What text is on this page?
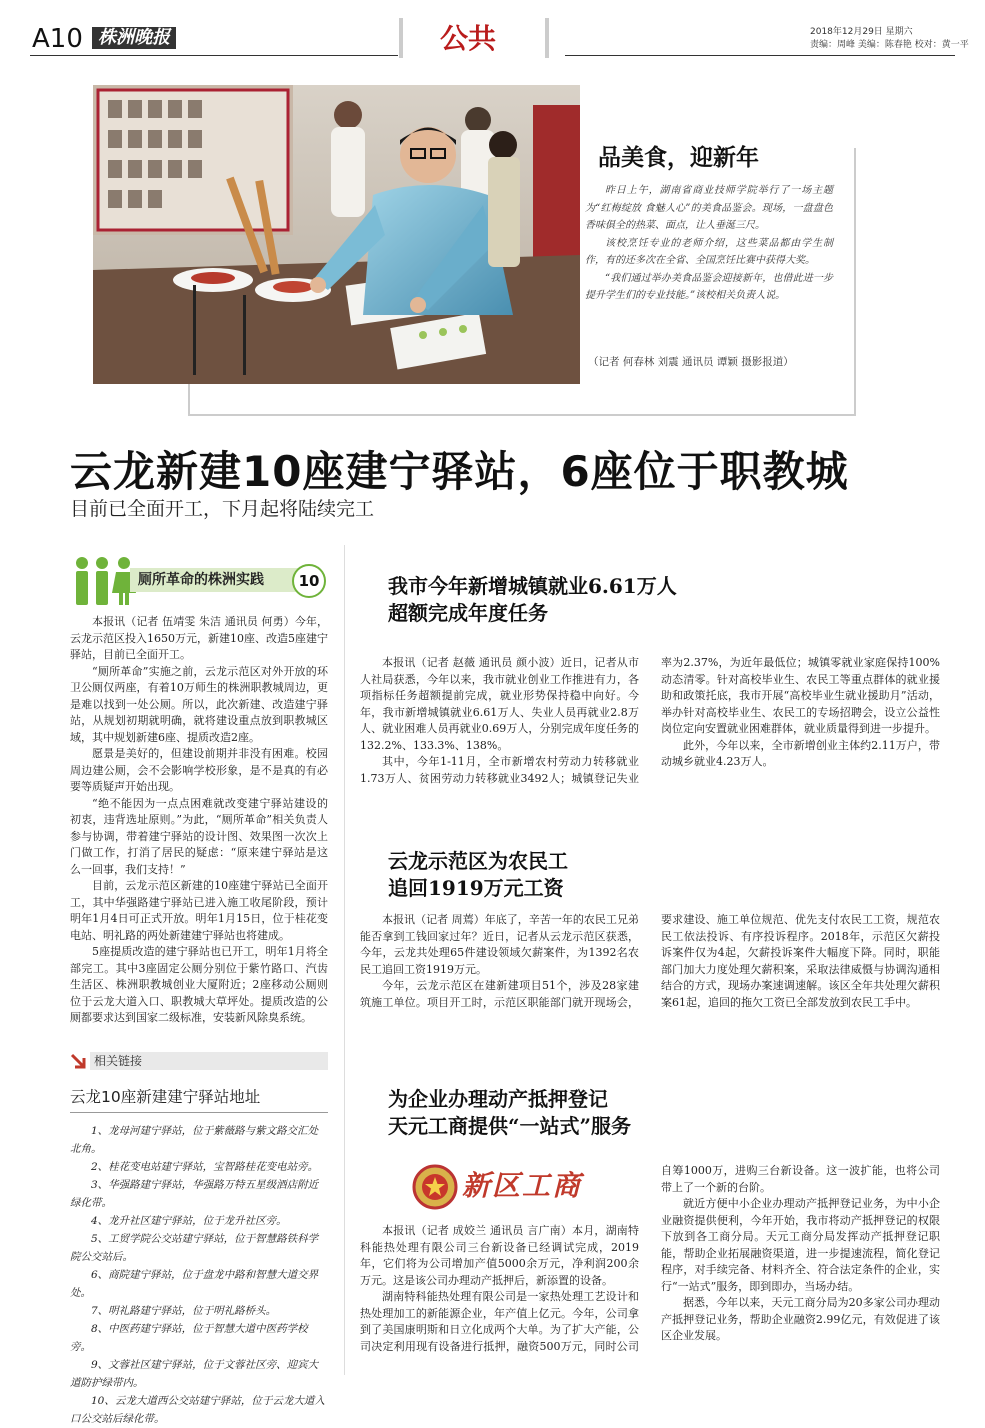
A10 株洲晚报	公共	2018年12月29日 星期六
责编：周峰 美编：陈春艳 校对：黄一平
品美食，迎新年

昨日上午，湖南省商业技师学院举行了一场主题为“红梅绽放 食魅人心”的美食品鉴会。现场，一盘盘色香味俱全的热菜、面点，让人垂涎三尺。

该校烹饪专业的老师介绍，这些菜品都由学生制作，有的还多次在全省、全国烹饪比赛中获得大奖。

“我们通过举办美食品鉴会迎接新年，也借此进一步提升学生们的专业技能。”该校相关负责人说。

（记者 何春林 刘震 通讯员 谭颖 摄影报道）
云龙新建10座建宁驿站，6座位于职教城
目前已全面开工，下月起将陆续完工
厕所革命的株洲实践	10

本报讯（记者 伍靖雯 朱洁 通讯员 何勇）今年，云龙示范区投入1650万元，新建10座、改造5座建宁驿站，目前已全面开工。

“厕所革命”实施之前，云龙示范区对外开放的环卫公厕仅两座，有着10万师生的株洲职教城周边，更是难以找到一处公厕。所以，此次新建、改造建宁驿站，从规划初期就明确，就将建设重点放到职教城区域，其中规划新建6座、提质改造2座。

愿景是美好的，但建设前期并非没有困难。校园周边建公厕，会不会影响学校形象，是不是真的有必要等质疑声开始出现。

“绝不能因为一点点困难就改变建宁驿站建设的初衷，违背选址原则。”为此，“厕所革命”相关负责人参与协调，带着建宁驿站的设计图、效果图一次次上门做工作，打消了居民的疑虑：“原来建宁驿站是这么一回事，我们支持！”

目前，云龙示范区新建的10座建宁驿站已全面开工，其中华强路建宁驿站已进入施工收尾阶段，预计明年1月4日可正式开放。明年1月15日，位于桂花变电站、明礼路的两处新建建宁驿站也将建成。

5座提质改造的建宁驿站也已开工，明年1月将全部完工。其中3座固定公厕分别位于紫竹路口、汽齿生活区、株洲职教城创业大厦附近；2座移动公厕则位于云龙大道入口、职教城大草坪处。提质改造的公厕都要求达到国家二级标准，安装新风除臭系统。

相关链接
云龙10座新建建宁驿站地址
1、龙母河建宁驿站，位于紫薇路与紫文路交汇处北角。
2、桂花变电站建宁驿站，宝智路桂花变电站旁。
3、华强路建宁驿站，华强路万特五星级酒店附近绿化带。
4、龙升社区建宁驿站，位于龙升社区旁。
5、工贸学院公交站建宁驿站，位于智慧路铁科学院公交站后。
6、商院建宁驿站，位于盘龙中路和智慧大道交界处。
7、明礼路建宁驿站，位于明礼路桥头。
8、中医药建宁驿站，位于智慧大道中医药学校旁。
9、文蓉社区建宁驿站，位于文蓉社区旁、迎宾大道防护绿带内。
10、云龙大道西公交站建宁驿站，位于云龙大道入口公交站后绿化带。
我市今年新增城镇就业6.61万人
超额完成年度任务

本报讯（记者 赵薇 通讯员 颜小波）近日，记者从市人社局获悉，今年以来，我市就业创业工作推进有力，各项指标任务超额提前完成，就业形势保持稳中向好。今年，我市新增城镇就业6.61万人、失业人员再就业2.8万人、就业困难人员再就业0.69万人，分别完成年度任务的132.2%、133.3%、138%。

其中，今年1-11月，全市新增农村劳动力转移就业1.73万人、贫困劳动力转移就业3492人；城镇登记失业率为2.37%，为近年最低位；城镇零就业家庭保持100%动态清零。针对高校毕业生、农民工等重点群体的就业援助和政策托底，我市开展“高校毕业生就业援助月”活动，举办针对高校毕业生、农民工的专场招聘会，设立公益性岗位定向安置就业困难群体，就业质量得到进一步提升。

此外，今年以来，全市新增创业主体约2.11万户，带动城乡就业4.23万人。

云龙示范区为农民工
追回1919万元工资

本报讯（记者 周蔫）年底了，辛苦一年的农民工兄弟能否拿到工钱回家过年？近日，记者从云龙示范区获悉，今年，云龙共处理65件建设领域欠薪案件，为1392名农民工追回工资1919万元。

今年，云龙示范区在建新建项目51个，涉及28家建筑施工单位。项目开工时，示范区职能部门就开现场会，要求建设、施工单位规范、优先支付农民工工资，规范农民工依法投诉、有序投诉程序。2018年，示范区欠薪投诉案件仅为4起，欠薪投诉案件大幅度下降。同时，职能部门加大力度处理欠薪积案，采取法律威慑与协调沟通相结合的方式，现场办案速调速解。该区全年共处理欠薪积案61起，追回的拖欠工资已全部发放到农民工手中。

为企业办理动产抵押登记
天元工商提供“一站式”服务
新区工商

本报讯（记者 成姣兰 通讯员 言广南）本月，湖南特科能热处理有限公司三台新设备已经调试完成，2019年，它们将为公司增加产值5000余万元，净利润200余万元。这是该公司办理动产抵押后，新添置的设备。

湖南特科能热处理有限公司是一家热处理工艺设计和热处理加工的新能源企业，年产值上亿元。今年，公司拿到了美国康明斯和日立化成两个大单。为了扩大产能，公司决定利用现有设备进行抵押，融资500万元，同时公司自筹1000万，进购三台新设备。这一波扩能，也将公司带上了一个新的台阶。

就近方便中小企业办理动产抵押登记业务，为中小企业融资提供便利，今年开始，我市将动产抵押登记的权限下放到各工商分局。天元工商分局发挥动产抵押登记职能，帮助企业拓展融资渠道，进一步提速流程，简化登记程序，对手续完备、材料齐全、符合法定条件的企业，实行“一站式”服务，即到即办，当场办结。

据悉，今年以来，天元工商分局为20多家公司办理动产抵押登记业务，帮助企业融资2.99亿元，有效促进了该区企业发展。
